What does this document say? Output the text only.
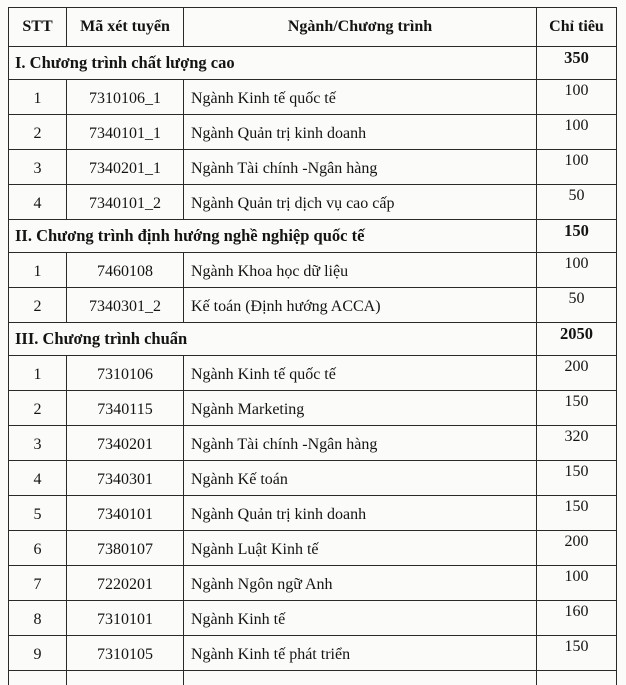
STT	Mã xét tuyển	Ngành/Chương trình	Chỉ tiêu
I. Chương trình chất lượng cao			350
1	7310106_1	Ngành Kinh tế quốc tế	100
2	7340101_1	Ngành Quản trị kinh doanh	100
3	7340201_1	Ngành Tài chính -Ngân hàng	100
4	7340101_2	Ngành Quản trị dịch vụ cao cấp	50
II. Chương trình định hướng nghề nghiệp quốc tế			150
1	7460108	Ngành Khoa học dữ liệu	100
2	7340301_2	Kế toán (Định hướng ACCA)	50
III. Chương trình chuẩn			2050
1	7310106	Ngành Kinh tế quốc tế	200
2	7340115	Ngành Marketing	150
3	7340201	Ngành Tài chính -Ngân hàng	320
4	7340301	Ngành Kế toán	150
5	7340101	Ngành Quản trị kinh doanh	150
6	7380107	Ngành Luật Kinh tế	200
7	7220201	Ngành Ngôn ngữ Anh	100
8	7310101	Ngành Kinh tế	160
9	7310105	Ngành Kinh tế phát triển	150
